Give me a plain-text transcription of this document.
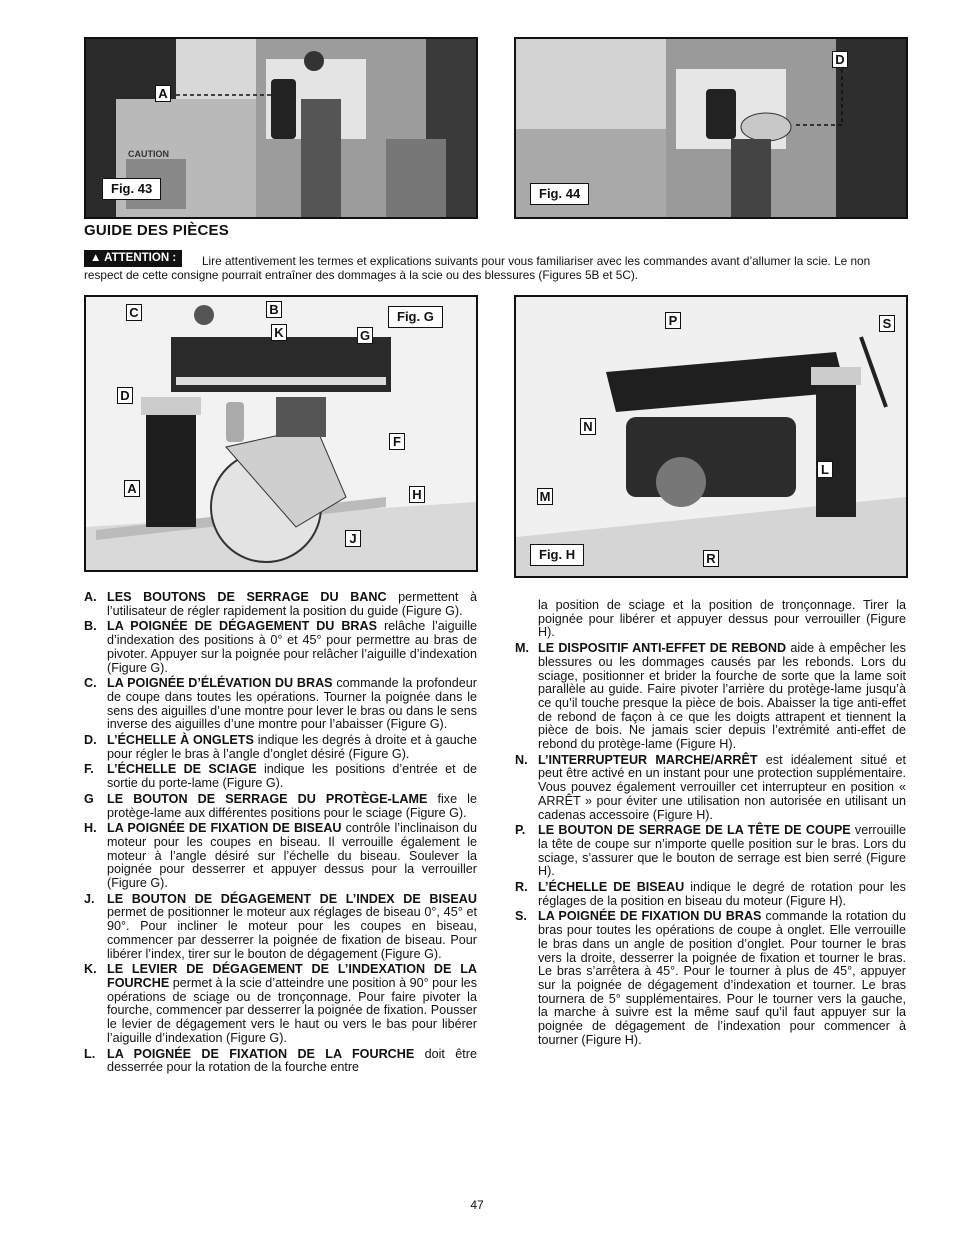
CAUTION
A
Fig. 43
D
Fig. 44
GUIDE DES PIÈCES

Lire attentivement les termes et explications suivants pour vous familiariser avec les commandes avant d’allumer la scie. Le non respect de cette consigne pourrait entraîner des dommages à la scie ou des blessures (Figures 5B et 5C).

▲ ATTENTION :
C	B
K	G
D
F
A	H
J
Fig. G	P	S
N
L
M
R
Fig. H

A. LES BOUTONS DE SERRAGE DU BANC permettent à l’utilisateur de régler rapidement la position du guide (Figure G).

B. LA POIGNÉE DE DÉGAGEMENT DU BRAS relâche l’aiguille d’indexation des positions à 0° et 45° pour permettre au bras de pivoter. Appuyer sur la poignée pour relâcher l’aiguille d’indexation (Figure G).

C. LA POIGNÉE D’ÉLÉVATION DU BRAS commande la profondeur de coupe dans toutes les opérations. Tourner la poignée dans le sens des aiguilles d’une montre pour lever le bras ou dans le sens inverse des aiguilles d’une montre pour l’abaisser (Figure G).

D. L’ÉCHELLE À ONGLETS indique les degrés à droite et à gauche pour régler le bras à l’angle d’onglet désiré (Figure G).

F. L’ÉCHELLE DE SCIAGE indique les positions d’entrée et de sortie du porte-lame (Figure G).

G LE BOUTON DE SERRAGE DU PROTÈGE-LAME fixe le protège-lame aux différentes positions pour le sciage (Figure G).

H. LA POIGNÉE DE FIXATION DE BISEAU contrôle l’inclinaison du moteur pour les coupes en biseau. Il verrouille également le moteur à l’angle désiré sur l’échelle du biseau. Soulever la poignée pour desserrer et appuyer dessus pour la verrouiller (Figure G).

J. LE BOUTON DE DÉGAGEMENT DE L’INDEX DE BISEAU permet de positionner le moteur aux réglages de biseau 0°, 45° et 90°. Pour incliner le moteur pour les coupes en biseau, commencer par desserrer la poignée de fixation de biseau. Pour libérer l’index, tirer sur le bouton de dégagement (Figure G).

K. LE LEVIER DE DÉGAGEMENT DE L’INDEXATION DE LA FOURCHE permet à la scie d’atteindre une position à 90° pour les opérations de sciage ou de tronçonnage. Pour faire pivoter la fourche, commencer par desserrer la poignée de fixation. Pousser le levier de dégagement vers le haut ou vers le bas pour libérer l’aiguille d’indexation (Figure G).

L. LA POIGNÉE DE FIXATION DE LA FOURCHE doit être desserrée pour la rotation de la fourche entre

la position de sciage et la position de tronçonnage. Tirer la poignée pour libérer et appuyer dessus pour verrouiller (Figure H).

M. LE DISPOSITIF ANTI-EFFET DE REBOND aide à empêcher les blessures ou les dommages causés par les rebonds. Lors du sciage, positionner et brider la fourche de sorte que la lame soit parallèle au guide. Faire pivoter l’arrière du protège-lame jusqu’à ce qu’il touche presque la pièce de bois. Abaisser la tige anti-effet de rebond de façon à ce que les doigts attrapent et tiennent la pièce de bois. Ne jamais scier depuis l’extrémité anti-effet de rebond du protège-lame (Figure H).

N. L’INTERRUPTEUR MARCHE/ARRÊT est idéalement situé et peut être activé en un instant pour une protection supplémentaire. Vous pouvez également verrouiller cet interrupteur en position « ARRÊT » pour éviter une utilisation non autorisée en utilisant un cadenas accessoire (Figure H).

P. LE BOUTON DE SERRAGE DE LA TÊTE DE COUPE verrouille la tête de coupe sur n’importe quelle position sur le bras. Lors du sciage, s’assurer que le bouton de serrage est bien serré (Figure H).

R. L’ÉCHELLE DE BISEAU indique le degré de rotation pour les réglages de la position en biseau du moteur (Figure H).

S. LA POIGNÉE DE FIXATION DU BRAS commande la rotation du bras pour toutes les opérations de coupe à onglet. Elle verrouille le bras dans un angle de position d’onglet. Pour tourner le bras vers la droite, desserrer la poignée de fixation et tourner le bras. Le bras s’arrêtera à 45°. Pour le tourner à plus de 45°, appuyer sur la poignée de dégagement d’indexation et tourner. Le bras tournera de 5° supplémentaires. Pour le tourner vers la gauche, la marche à suivre est la même sauf qu’il faut appuyer sur la poignée de dégagement de l’indexation pour commencer à tourner (Figure H).

47
